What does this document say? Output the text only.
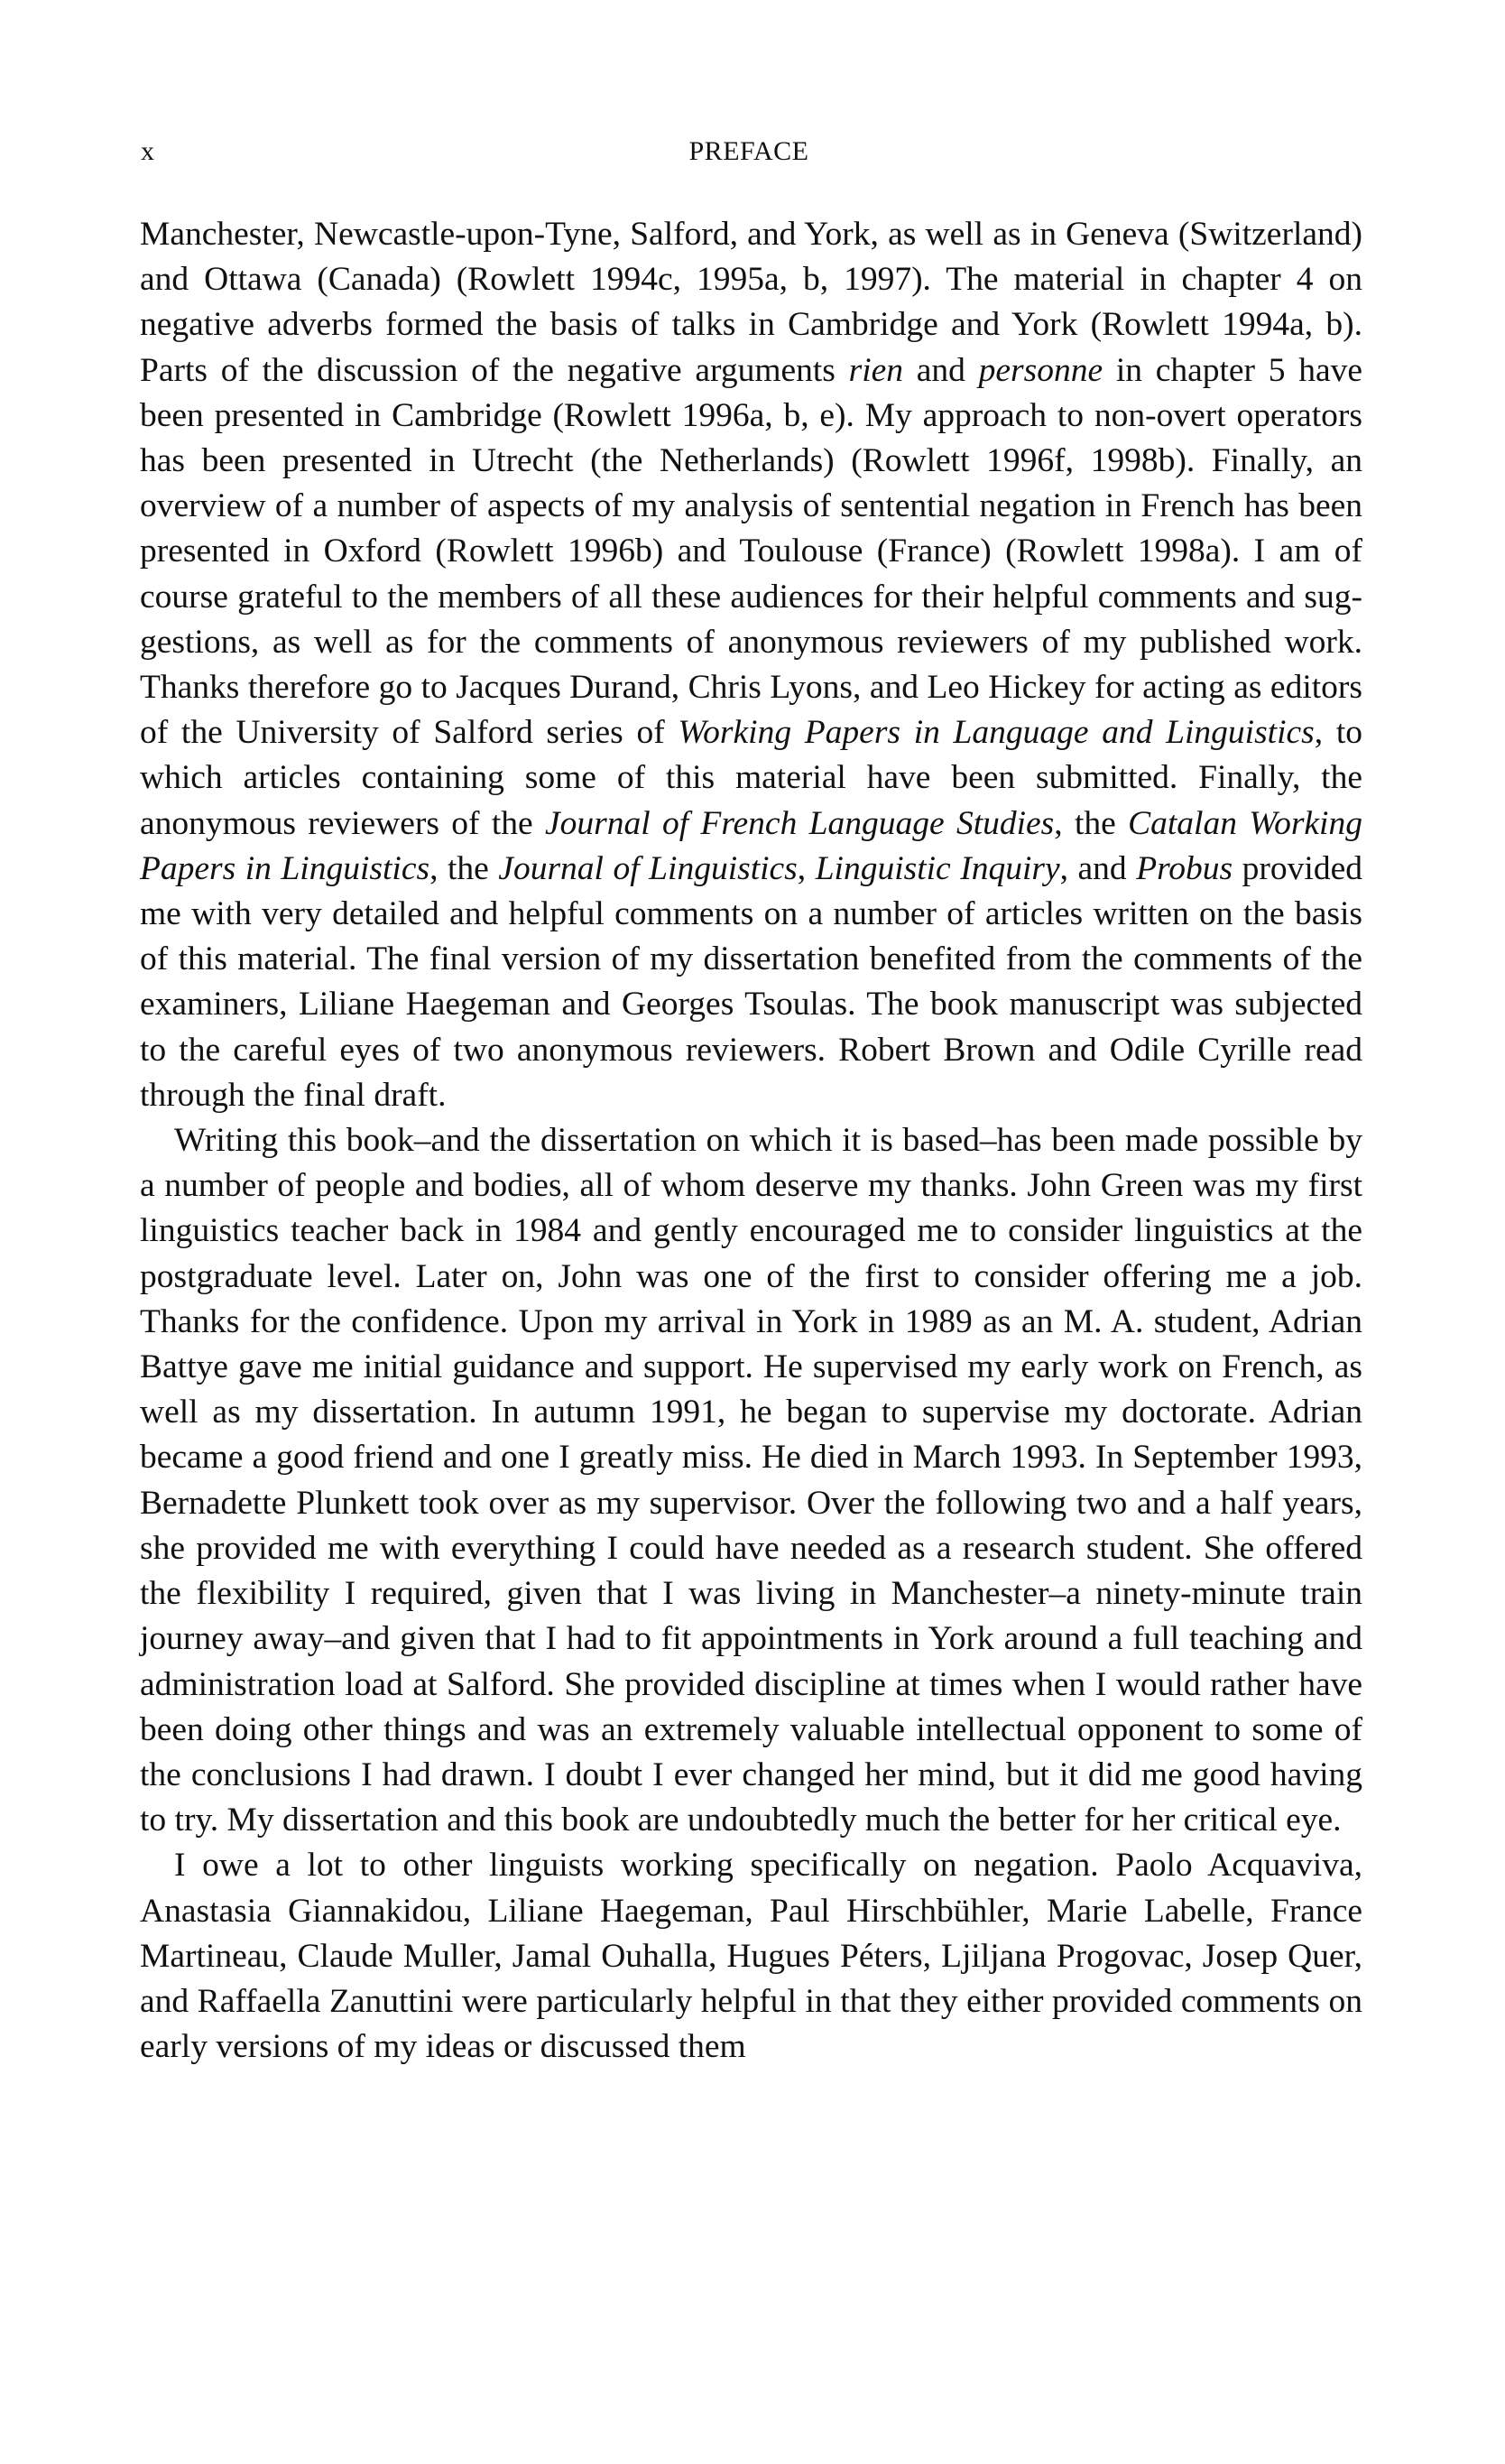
x	PREFACE

Manchester, Newcastle-upon-Tyne, Salford, and York, as well as in Geneva (Switzerland) and Ottawa (Canada) (Rowlett 1994c, 1995a, b, 1997). The material in chapter 4 on negative adverbs formed the basis of talks in Cambridge and York (Rowlett 1994a, b). Parts of the discussion of the negative arguments rien and personne in chapter 5 have been presented in Cambridge (Rowlett 1996a, b, e). My approach to non-overt operators has been presented in Utrecht (the Netherlands) (Rowlett 1996f, 1998b). Finally, an overview of a number of aspects of my analysis of sentential negation in French has been presented in Oxford (Rowlett 1996b) and Toulouse (France) (Rowlett 1998a). I am of course grateful to the members of all these audiences for their helpful comments and suggestions, as well as for the comments of anonymous reviewers of my published work. Thanks therefore go to Jacques Durand, Chris Lyons, and Leo Hickey for acting as editors of the University of Salford series of Working Papers in Language and Linguistics, to which articles containing some of this material have been submitted. Finally, the anonymous reviewers of the Journal of French Language Studies, the Catalan Working Papers in Linguistics, the Journal of Linguistics, Linguistic Inquiry, and Probus provided me with very detailed and helpful comments on a number of articles written on the basis of this material. The final version of my dissertation benefited from the comments of the examiners, Liliane Haegeman and Georges Tsoulas. The book manuscript was subjected to the careful eyes of two anonymous reviewers. Robert Brown and Odile Cyrille read through the final draft.

Writing this book–and the dissertation on which it is based–has been made possible by a number of people and bodies, all of whom deserve my thanks. John Green was my first linguistics teacher back in 1984 and gently encouraged me to consider linguistics at the postgraduate level. Later on, John was one of the first to consider offering me a job. Thanks for the confidence. Upon my arrival in York in 1989 as an M. A. student, Adrian Battye gave me initial guidance and support. He supervised my early work on French, as well as my dissertation. In autumn 1991, he began to supervise my doctorate. Adrian became a good friend and one I greatly miss. He died in March 1993. In September 1993, Bernadette Plunkett took over as my supervisor. Over the following two and a half years, she provided me with everything I could have needed as a research student. She offered the flexibility I required, given that I was living in Manchester–a ninety-minute train journey away–and given that I had to fit appointments in York around a full teaching and administration load at Salford. She provided discipline at times when I would rather have been doing other things and was an extremely valuable intellectual opponent to some of the conclusions I had drawn. I doubt I ever changed her mind, but it did me good having to try. My dissertation and this book are undoubtedly much the better for her critical eye.

I owe a lot to other linguists working specifically on negation. Paolo Acquaviva, Anastasia Giannakidou, Liliane Haegeman, Paul Hirschbühler, Marie Labelle, France Martineau, Claude Muller, Jamal Ouhalla, Hugues Péters, Ljiljana Progovac, Josep Quer, and Raffaella Zanuttini were particularly helpful in that they either provided comments on early versions of my ideas or discussed them
